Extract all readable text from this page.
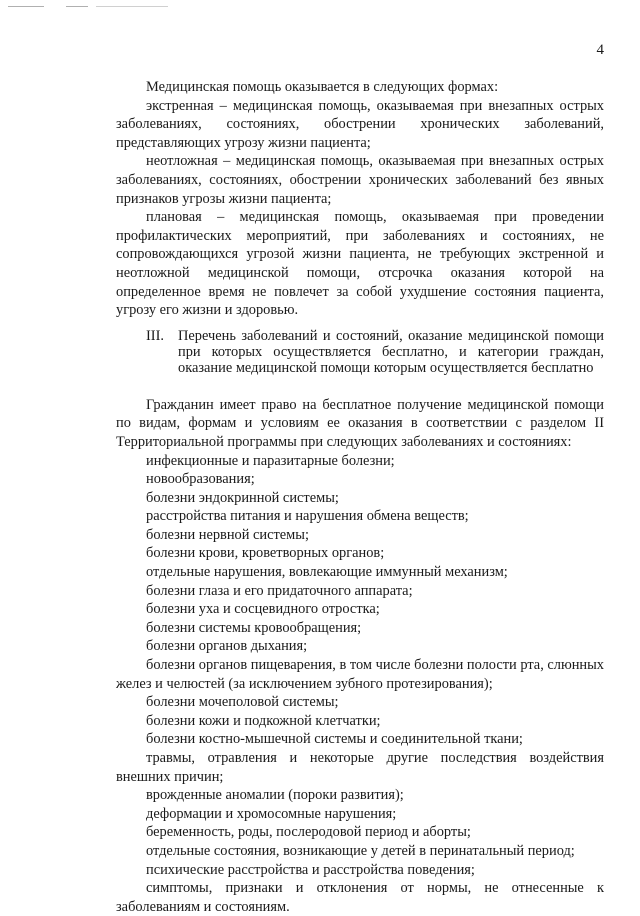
4

Медицинская помощь оказывается в следующих формах:

экстренная – медицинская помощь, оказываемая при внезапных острых заболеваниях, состояниях, обострении хронических заболеваний, представляющих угрозу жизни пациента;

неотложная – медицинская помощь, оказываемая при внезапных острых заболеваниях, состояниях, обострении хронических заболеваний без явных признаков угрозы жизни пациента;

плановая – медицинская помощь, оказываемая при проведении профилактических мероприятий, при заболеваниях и состояниях, не сопровождающихся угрозой жизни пациента, не требующих экстренной и неотложной медицинской помощи, отсрочка оказания которой на определенное время не повлечет за собой ухудшение состояния пациента, угрозу его жизни и здоровью.

III. Перечень заболеваний и состояний, оказание медицинской помощи при которых осуществляется бесплатно, и категории граждан, оказание медицинской помощи которым осуществляется бесплатно

Гражданин имеет право на бесплатное получение медицинской помощи по видам, формам и условиям ее оказания в соответствии с разделом II Территориальной программы при следующих заболеваниях и состояниях:

инфекционные и паразитарные болезни;

новообразования;

болезни эндокринной системы;

расстройства питания и нарушения обмена веществ;

болезни нервной системы;

болезни крови, кроветворных органов;

отдельные нарушения, вовлекающие иммунный механизм;

болезни глаза и его придаточного аппарата;

болезни уха и сосцевидного отростка;

болезни системы кровообращения;

болезни органов дыхания;

болезни органов пищеварения, в том числе болезни полости рта, слюнных желез и челюстей (за исключением зубного протезирования);

болезни мочеполовой системы;

болезни кожи и подкожной клетчатки;

болезни костно-мышечной системы и соединительной ткани;

травмы, отравления и некоторые другие последствия воздействия внешних причин;

врожденные аномалии (пороки развития);

деформации и хромосомные нарушения;

беременность, роды, послеродовой период и аборты;

отдельные состояния, возникающие у детей в перинатальный период;

психические расстройства и расстройства поведения;

симптомы, признаки и отклонения от нормы, не отнесенные к заболеваниям и состояниям.
